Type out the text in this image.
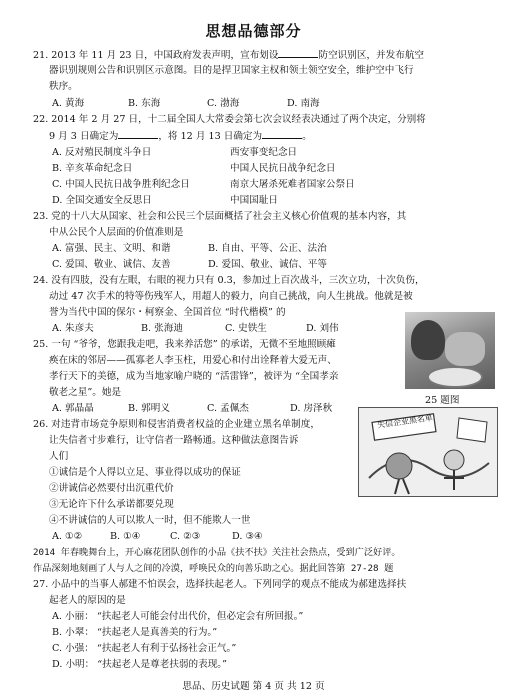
思想品德部分
21. 2013 年 11 月 23 日，中国政府发表声明，宣布划设	防空识别区，并发布航空
器识别规则公告和识别区示意图。目的是捍卫国家主权和领土领空安全，维护空中飞行
秩序。
A. 黄海	B. 东海	C. 渤海	D. 南海
22. 2014 年 2 月 27 日，十二届全国人大常委会第七次会议经表决通过了两个决定，分别将
9 月 3 日确定为	，将 12 月 13 日确定为	。
A. 反对殖民制度斗争日	西安事变纪念日
B. 辛亥革命纪念日	中国人民抗日战争纪念日
C. 中国人民抗日战争胜利纪念日	南京大屠杀死难者国家公祭日
D. 全国交通安全反思日	中国国耻日
23. 党的十八大从国家、社会和公民三个层面概括了社会主义核心价值观的基本内容，其
中从公民个人层面的价值准则是
A. 富强、民主、文明、和谐	B. 自由、平等、公正、法治
C. 爱国、敬业、诚信、友善	D. 爱国、敬业、诚信、平等
24. 没有四肢，没有左眼，右眼的视力只有 0.3，参加过上百次战斗，三次立功，十次负伤，
动过 47 次手术的特等伤残军人，用超人的毅力，向自己挑战，向人生挑战。他就是被
誉为当代中国的保尔・柯察金、全国首位 “时代楷模” 的
A. 朱彦夫	B. 张海迪	C. 史铁生	D. 刘伟
25. 一句 “爷爷，您跟我走吧，我来养活您” 的承诺，无微不至地照顾瘫
痪在床的邻居——孤寡老人李玉柱，用爱心和付出诠释着大爱无声、
孝行天下的美德，成为当地家喻户晓的 “活雷锋”，被评为 “全国孝亲
敬老之星”。她是
A. 郭晶晶	B. 郭明义	C. 孟佩杰	D. 房泽秋
25 题图
26. 对违背市场竞争原则和侵害消费者权益的企业建立黑名单制度，
让失信者寸步难行，让守信者一路畅通。这种做法意图告诉
人们
①诚信是个人得以立足、事业得以成功的保证
②讲诚信必然要付出沉重代价
③无论许下什么承诺都要兑现
④不讲诚信的人可以欺人一时，但不能欺人一世
A. ①②	B. ①④	C. ②③	D. ③④
失信企业黑名单
2014 年春晚舞台上，开心麻花团队创作的小品《扶不扶》关注社会热点，受到广泛好评。
作品深刻地刻画了人与人之间的冷漠，呼唤民众的向善乐助之心。据此回答第 27-28 题
27. 小品中的当事人郝建不怕误会，选择扶起老人。下列同学的观点不能成为郝建选择扶
起老人的原因的是
A. 小丽： “扶起老人可能会付出代价，但必定会有所回报。”
B. 小翠： “扶起老人是真善美的行为。”
C. 小强： “扶起老人有利于弘扬社会正气。”
D. 小明： “扶起老人是尊老扶弱的表现。”
思品、历史试题 第 4 页 共 12 页
